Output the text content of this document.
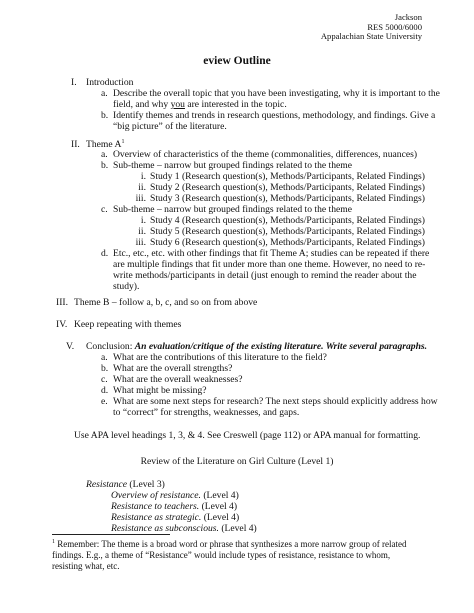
Jackson
RES 5000/6000
Appalachian State University
eview Outline
I. Introduction
a. Describe the overall topic that you have been investigating, why it is important to the
field, and why you are interested in the topic.
b. Identify themes and trends in research questions, methodology, and findings. Give a
“big picture” of the literature.
II. Theme $A^1$
a. Overview of characteristics of the theme (commonalities, differences, nuances)
b. Sub-theme – narrow but grouped findings related to the theme
i. Study 1 (Research question(s), Methods/Participants, Related Findings)
ii. Study 2 (Research question(s), Methods/Participants, Related Findings)
iii. Study 3 (Research question(s), Methods/Participants, Related Findings)
c. Sub-theme – narrow but grouped findings related to the theme
i. Study 4 (Research question(s), Methods/Participants, Related Findings)
ii. Study 5 (Research question(s), Methods/Participants, Related Findings)
iii. Study 6 (Research question(s), Methods/Participants, Related Findings)
d. Etc., etc., etc. with other findings that fit Theme A; studies can be repeated if there
are multiple findings that fit under more than one theme. However, no need to re-
write methods/participants in detail (just enough to remind the reader about the
study).
III. Theme B – follow a, b, c, and so on from above
IV. Keep repeating with themes
V. Conclusion: An evaluation/critique of the existing literature. Write several paragraphs.
a. What are the contributions of this literature to the field?
b. What are the overall strengths?
c. What are the overall weaknesses?
d. What might be missing?
e. What are some next steps for research? The next steps should explicitly address how
to “correct” for strengths, weaknesses, and gaps.
Use APA level headings 1, 3, & 4. See Creswell (page 112) or APA manual for formatting.
Review of the Literature on Girl Culture (Level 1)
Resistance (Level 3)
Overview of resistance. (Level 4)
Resistance to teachers. (Level 4)
Resistance as strategic. (Level 4)
Resistance as subconscious. (Level 4)
$^1$ Remember: The theme is a broad word or phrase that synthesizes a more narrow group of related
findings. E.g., a theme of “Resistance” would include types of resistance, resistance to whom,
resisting what, etc.
